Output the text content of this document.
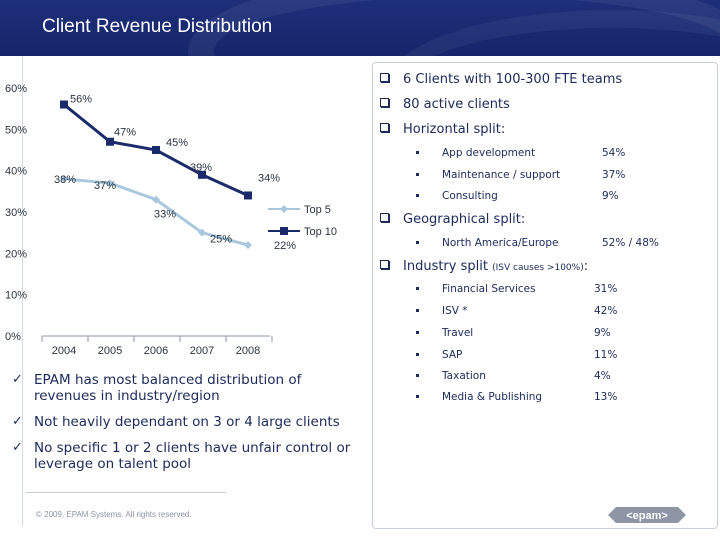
Client Revenue Distribution
0%
10%
20%
30%
40%
50%
60%
2004 2005 2006 2007 2008
38%
37%
33%
25%
22%
56%
47%
45%
39%
34%
Top 5
Top 10
6 Clients with 100-300 FTE teams
80 active clients
Horizontal split:
App development	54%
Maintenance / support	37%
Consulting	9%
Geographical split:
North America/Europe	52% / 48%
Industry split (ISV causes >100%):
Financial Services	31%
ISV *	42%
Travel	9%
SAP	11%
Taxation	4%
Media & Publishing	13%
✓ EPAM has most balanced distribution of revenues in industry/region
✓ Not heavily dependant on 3 or 4 large clients
✓ No specific 1 or 2 clients have unfair control or leverage on talent pool
© 2009. EPAM Systems. All rights reserved.	<epam>
